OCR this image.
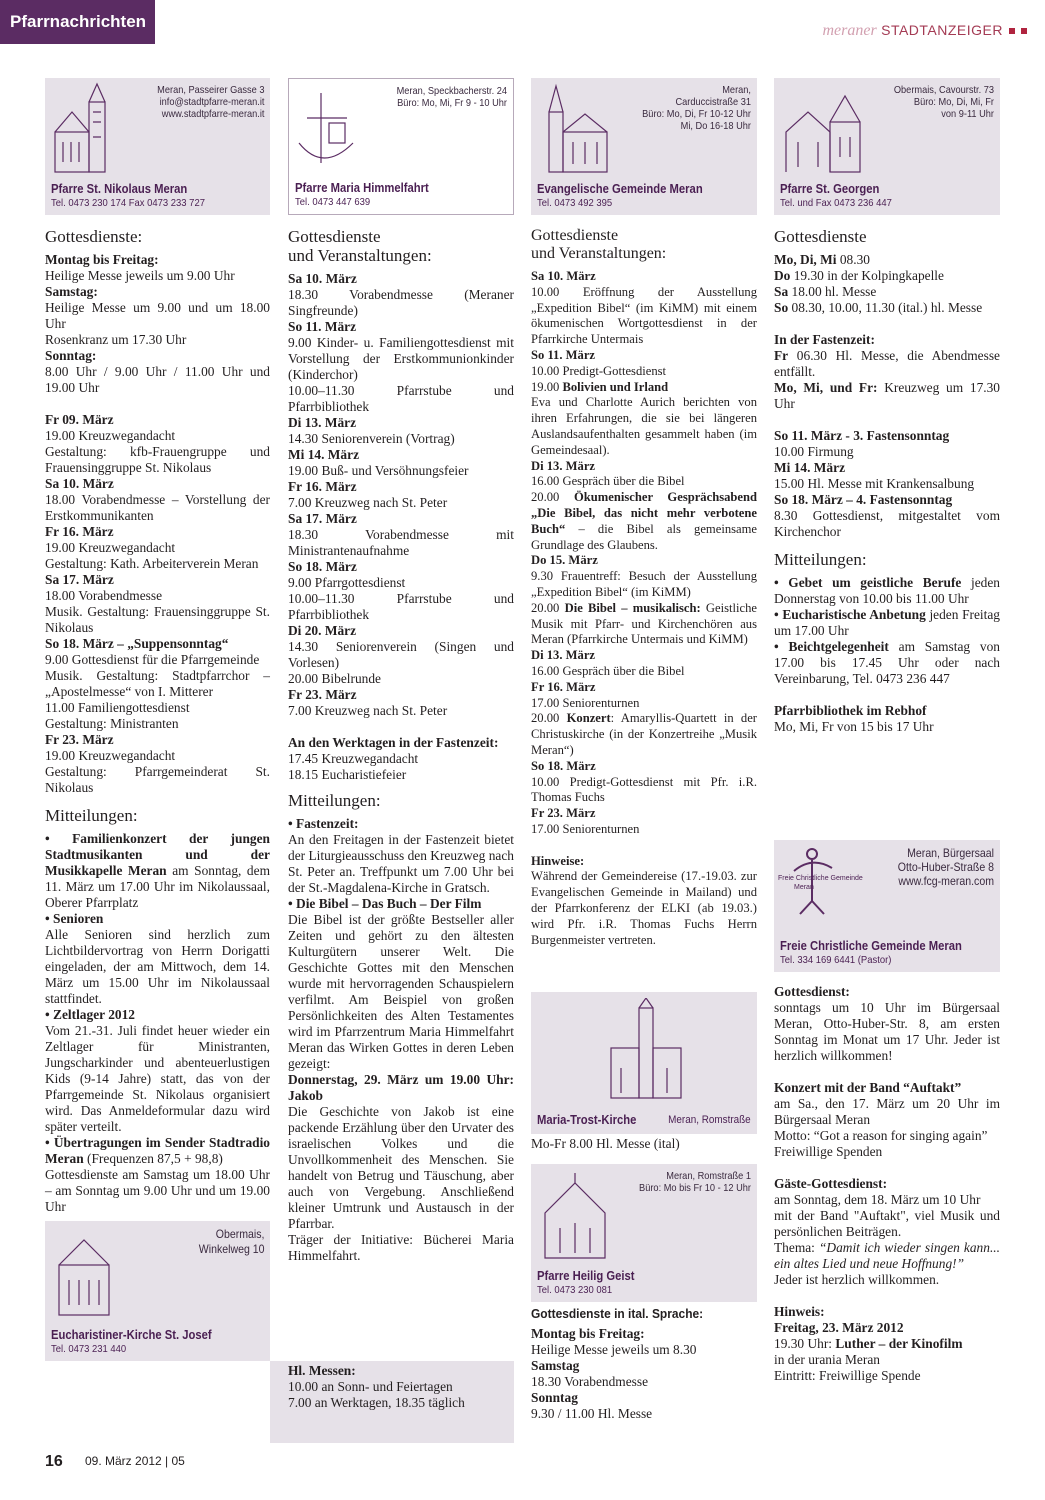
Pfarrnachrichten	meraner STADTANZEIGER
Meran, Passeirer Gasse 3
info@stadtpfarre-meran.it
www.stadtpfarre-meran.it
Pfarre St. Nikolaus Meran
Tel. 0473 230 174 Fax 0473 233 727
Gottesdienste:

Montag bis Freitag:

Heilige Messe jeweils um 9.00 Uhr

Samstag:

Heilige Messe um 9.00 und um 18.00 Uhr

Rosenkranz um 17.30 Uhr

Sonntag:

8.00 Uhr / 9.00 Uhr / 11.00 Uhr und 19.00 Uhr

Fr 09. März

19.00 Kreuzwegandacht

Gestaltung: kfb-Frauengruppe und Frauensinggruppe St. Nikolaus

Sa 10. März

18.00 Vorabendmesse – Vorstellung der Erstkommunikanten

Fr 16. März

19.00 Kreuzwegandacht

Gestaltung: Kath. Arbeiterverein Meran

Sa 17. März

18.00 Vorabendmesse

Musik. Gestaltung: Frauensinggruppe St. Nikolaus

So 18. März – „Suppensonntag“

9.00 Gottesdienst für die Pfarrgemeinde

Musik. Gestaltung: Stadtpfarrchor – „Apostelmesse“ von I. Mitterer

11.00 Familiengottesdienst

Gestaltung: Ministranten

Fr 23. März

19.00 Kreuzwegandacht

Gestaltung: Pfarrgemeinderat St. Nikolaus

Mitteilungen:

• Familienkonzert der jungen Stadtmusikanten und der Musikkapelle Meran am Sonntag, dem 11. März um 17.00 Uhr im Nikolaussaal, Oberer Pfarrplatz

• Senioren

Alle Senioren sind herzlich zum Lichtbildervortrag von Herrn Dorigatti eingeladen, der am Mittwoch, dem 14. März um 15.00 Uhr im Nikolaussaal stattfindet.

• Zeltlager 2012

Vom 21.-31. Juli findet heuer wieder ein Zeltlager für Ministranten, Jungscharkinder und abenteuerlustigen Kids (9-14 Jahre) statt, das von der Pfarrgemeinde St. Nikolaus organisiert wird. Das Anmeldeformular dazu wird später verteilt.

• Übertragungen im Sender Stadtradio Meran (Frequenzen 87,5 + 98,8)

Gottesdienste am Samstag um 18.00 Uhr – am Sonntag um 9.00 Uhr und um 19.00 Uhr

Obermais,
Winkelweg 10
Eucharistiner-Kirche St. Josef
Tel. 0473 231 440
Meran, Speckbacherstr. 24
Büro: Mo, Mi, Fr 9 - 10 Uhr
Pfarre Maria Himmelfahrt
Tel. 0473 447 639
Gottesdienste
und Veranstaltungen:

Sa 10. März

18.30 Vorabendmesse (Meraner Singfreunde)

So 11. März

9.00 Kinder- u. Familiengottesdienst mit Vorstellung der Erstkommunionkinder (Kinderchor)

10.00–11.30 Pfarrstube und Pfarrbibliothek

Di 13. März

14.30 Seniorenverein (Vortrag)

Mi 14. März

19.00 Buß- und Versöhnungsfeier

Fr 16. März

7.00 Kreuzweg nach St. Peter

Sa 17. März

18.30 Vorabendmesse mit Ministrantenaufnahme

So 18. März

9.00 Pfarrgottesdienst

10.00–11.30 Pfarrstube und Pfarrbibliothek

Di 20. März

14.30 Seniorenverein (Singen und Vorlesen)

20.00 Bibelrunde

Fr 23. März

7.00 Kreuzweg nach St. Peter

An den Werktagen in der Fastenzeit:

17.45 Kreuzwegandacht

18.15 Eucharistiefeier

Mitteilungen:

• Fastenzeit:

An den Freitagen in der Fastenzeit bietet der Liturgieausschuss den Kreuzweg nach St. Peter an. Treffpunkt um 7.00 Uhr bei der St.-Magdalena-Kirche in Gratsch.

• Die Bibel – Das Buch – Der Film

Die Bibel ist der größte Bestseller aller Zeiten und gehört zu den ältesten Kulturgütern unserer Welt. Die Geschichte Gottes mit den Menschen wurde mit hervorragenden Schauspielern verfilmt. Am Beispiel von großen Persönlichkeiten des Alten Testamentes wird im Pfarrzentrum Maria Himmelfahrt Meran das Wirken Gottes in deren Leben gezeigt:

Donnerstag, 29. März um 19.00 Uhr: Jakob

Die Geschichte von Jakob ist eine packende Erzählung über den Urvater des israelischen Volkes und die Unvollkommenheit des Menschen. Sie handelt von Betrug und Täuschung, aber auch von Vergebung. Anschließend kleiner Umtrunk und Austausch in der Pfarrbar.

Träger der Initiative: Bücherei Maria Himmelfahrt.

Hl. Messen:
10.00 an Sonn- und Feiertagen
7.00 an Werktagen, 18.35 täglich
Meran,
Carduccistraße 31
Büro: Mo, Di, Fr 10-12 Uhr
Mi, Do 16-18 Uhr
Evangelische Gemeinde Meran
Tel. 0473 492 395
Gottesdienste
und Veranstaltungen:

Sa 10. März

10.00 Eröffnung der Ausstellung „Expedition Bibel“ (im KiMM) mit einem ökumenischen Wortgottesdienst in der Pfarrkirche Untermais

So 11. März

10.00 Predigt-Gottesdienst

19.00 Bolivien und Irland

Eva und Charlotte Aurich berichten von ihren Erfahrungen, die sie bei längeren Auslandsaufenthalten gesammelt haben (im Gemeindesaal).

Di 13. März

16.00 Gespräch über die Bibel

20.00 Ökumenischer Gesprächsabend „Die Bibel, das nicht mehr verbotene Buch“ – die Bibel als gemeinsame Grundlage des Glaubens.

Do 15. März

9.30 Frauentreff: Besuch der Ausstellung „Expedition Bibel“ (im KiMM)

20.00 Die Bibel – musikalisch: Geistliche Musik mit Pfarr- und Kirchenchören aus Meran (Pfarrkirche Untermais und KiMM)

Di 13. März

16.00 Gespräch über die Bibel

Fr 16. März

17.00 Seniorenturnen

20.00 Konzert: Amaryllis-Quartett in der Christuskirche (in der Konzertreihe „Musik Meran“)

So 18. März

10.00 Predigt-Gottesdienst mit Pfr. i.R. Thomas Fuchs

Fr 23. März

17.00 Seniorenturnen

Hinweise:

Während der Gemeindereise (17.-19.03. zur Evangelischen Gemeinde in Mailand) und der Pfarrkonferenz der ELKI (ab 19.03.) wird Pfr. i.R. Thomas Fuchs Herrn Burgenmeister vertreten.

Maria-Trost-Kirche	Meran, Romstraße
Mo-Fr 8.00 Hl. Messe (ital)
Meran, Romstraße 1
Büro: Mo bis Fr 10 - 12 Uhr
Pfarre Heilig Geist
Tel. 0473 230 081
Gottesdienste in ital. Sprache:

Montag bis Freitag:

Heilige Messe jeweils um 8.30

Samstag

18.30 Vorabendmesse

Sonntag

9.30 / 11.00 Hl. Messe

Obermais, Cavourstr. 73
Büro: Mo, Di, Mi, Fr
von 9-11 Uhr
Pfarre St. Georgen
Tel. und Fax 0473 236 447
Gottesdienste

Mo, Di, Mi 08.30

Do 19.30 in der Kolpingkapelle

Sa 18.00 hl. Messe

So 08.30, 10.00, 11.30 (ital.) hl. Messe

In der Fastenzeit:

Fr 06.30 Hl. Messe, die Abendmesse entfällt.

Mo, Mi, und Fr: Kreuzweg um 17.30 Uhr

So 11. März - 3. Fastensonntag

10.00 Firmung

Mi 14. März

15.00 Hl. Messe mit Krankensalbung

So 18. März – 4. Fastensonntag

8.30 Gottesdienst, mitgestaltet vom Kirchenchor

Mitteilungen:

• Gebet um geistliche Berufe jeden Donnerstag von 10.00 bis 11.00 Uhr

• Eucharistische Anbetung jeden Freitag um 17.00 Uhr

• Beichtgelegenheit am Samstag von 17.00 bis 17.45 Uhr oder nach Vereinbarung, Tel. 0473 236 447

Pfarrbibliothek im Rebhof

Mo, Mi, Fr von 15 bis 17 Uhr

Freie Christliche Gemeinde
Meran
Meran, Bürgersaal
Otto-Huber-Straße 8
www.fcg-meran.com
Freie Christliche Gemeinde Meran
Tel. 334 169 6441 (Pastor)

Gottesdienst:

sonntags um 10 Uhr im Bürgersaal Meran, Otto-Huber-Str. 8, am ersten Sonntag im Monat um 17 Uhr. Jeder ist herzlich willkommen!

Konzert mit der Band “Auftakt”

am Sa., den 17. März um 20 Uhr im Bürgersaal Meran

Motto: “Got a reason for singing again”

Freiwillige Spenden

Gäste-Gottesdienst:

am Sonntag, dem 18. März um 10 Uhr

mit der Band "Auftakt", viel Musik und persönlichen Beiträgen.

Thema: “Damit ich wieder singen kann... ein altes Lied und neue Hoffnung!”

Jeder ist herzlich willkommen.

Hinweis:

Freitag, 23. März 2012

19.30 Uhr: Luther – der Kinofilm

in der urania Meran

Eintritt: Freiwillige Spende

16 09. März 2012 | 05
